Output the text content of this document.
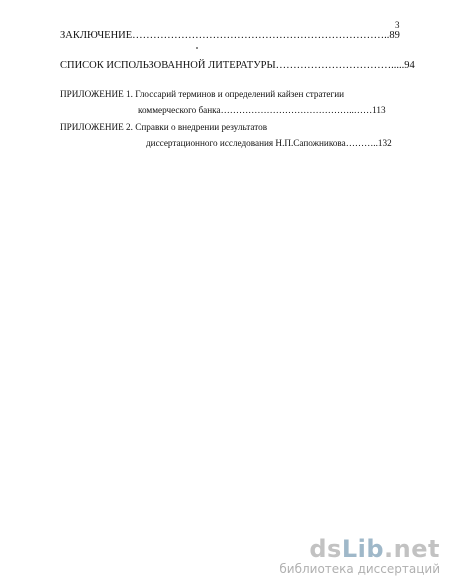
3
ЗАКЛЮЧЕНИЕ………………………………………………………………..89
СПИСОК ИСПОЛЬЗОВАННОЙ ЛИТЕРАТУРЫ…………………………….....94
ПРИЛОЖЕНИЕ 1. Глоссарий терминов и определений кайзен стратегии
коммерческого банка……………………………………..……113
ПРИЛОЖЕНИЕ 2. Справки о внедрении результатов
диссертационного исследования Н.П.Сапожникова………..132
dsLib.net
библиотека диссертаций
